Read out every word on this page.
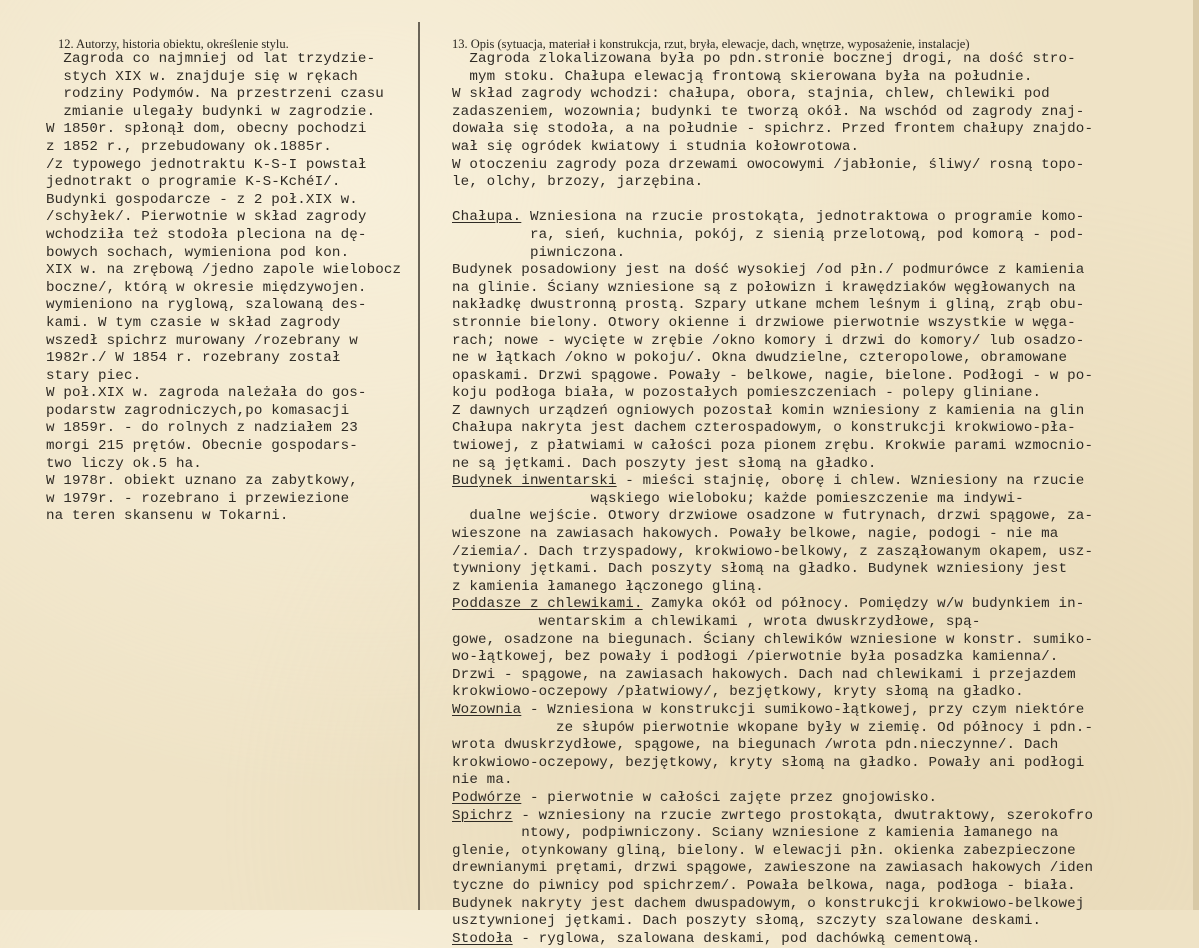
12. Autorzy, historia obiektu, określenie stylu.
Zagroda co najmniej od lat trzydzie-
stych XIX w. znajduje się w rękach
rodziny Podymów. Na przestrzeni czasu
zmianie ulegały budynki w zagrodzie.
W 1850r. spłonął dom, obecny pochodzi
z 1852 r., przebudowany ok.1885r.
/z typowego jednotraktu K-S-I powstał
jednotrakt o programie K-S-KchéI/.
Budynki gospodarcze - z 2 poł.XIX w.
/schyłek/. Pierwotnie w skład zagrody
wchodziła też stodoła pleciona na dę-
bowych sochach, wymieniona pod kon.
XIX w. na zrębową /jedno zapole wielobocz
boczne/, którą w okresie międzywojen.
wymieniono na ryglową, szalowaną des-
kami. W tym czasie w skład zagrody
wszedł spichrz murowany /rozebrany w
1982r./ W 1854 r. rozebrany został
stary piec.
W poł.XIX w. zagroda należała do gos-
podarstw zagrodniczych,po komasacji
w 1859r. - do rolnych z nadziałem 23
morgi 215 prętów. Obecnie gospodars-
two liczy ok.5 ha.
W 1978r. obiekt uznano za zabytkowy,
w 1979r. - rozebrano i przewiezione
na teren skansenu w Tokarni.
13. Opis (sytuacja, materiał i konstrukcja, rzut, bryła, elewacje, dach, wnętrze, wyposażenie, instalacje)
Zagroda zlokalizowana była po pdn.stronie bocznej drogi, na dość stro-
mym stoku. Chałupa elewacją frontową skierowana była na południe.
W skład zagrody wchodzi: chałupa, obora, stajnia, chlew, chlewiki pod
zadaszeniem, wozownia; budynki te tworzą okół. Na wschód od zagrody znaj-
dowała się stodoła, a na południe - spichrz. Przed frontem chałupy znajdo-
wał się ogródek kwiatowy i studnia kołowrotowa.
W otoczeniu zagrody poza drzewami owocowymi /jabłonie, śliwy/ rosną topo-
le, olchy, brzozy, jarzębina.
Chałupa. Wzniesiona na rzucie prostokąta, jednotraktowa o programie komo-
ra, sień, kuchnia, pokój, z sienią przelotową, pod komorą - pod-
piwniczona.
Budynek posadowiony jest na dość wysokiej /od płn./ podmurówce z kamienia
na glinie. Ściany wzniesione są z połowizn i krawędziaków węgłowanych na
nakładkę dwustronną prostą. Szpary utkane mchem leśnym i gliną, zrąb obu-
stronnie bielony. Otwory okienne i drzwiowe pierwotnie wszystkie w węga-
rach; nowe - wycięte w zrębie /okno komory i drzwi do komory/ lub osadzo-
ne w łątkach /okno w pokoju/. Okna dwudzielne, czteropolowe, obramowane
opaskami. Drzwi spągowe. Powały - belkowe, nagie, bielone. Podłogi - w po-
koju podłoga biała, w pozostałych pomieszczeniach - polepy gliniane.
Z dawnych urządzeń ogniowych pozostał komin wzniesiony z kamienia na glin
Chałupa nakryta jest dachem czterospadowym, o konstrukcji krokwiowo-pła-
twiowej, z płatwiami w całości poza pionem zrębu. Krokwie parami wzmocnio-
ne są jętkami. Dach poszyty jest słomą na gładko.
Budynek inwentarski - mieści stajnię, oborę i chlew. Wzniesiony na rzucie
wąskiego wieloboku; każde pomieszczenie ma indywi-
dualne wejście. Otwory drzwiowe osadzone w futrynach, drzwi spągowe, za-
wieszone na zawiasach hakowych. Powały belkowe, nagie, podogi - nie ma
/ziemia/. Dach trzyspadowy, krokwiowo-belkowy, z zasząłowanym okapem, usz-
tywniony jętkami. Dach poszyty słomą na gładko. Budynek wzniesiony jest
z kamienia łamanego łączonego gliną.
Poddasze z chlewikami. Zamyka okół od północy. Pomiędzy w/w budynkiem in-
wentarskim a chlewikami , wrota dwuskrzydłowe, spą-
gowe, osadzone na biegunach. Ściany chlewików wzniesione w konstr. sumiko-
wo-łątkowej, bez powały i podłogi /pierwotnie była posadzka kamienna/.
Drzwi - spągowe, na zawiasach hakowych. Dach nad chlewikami i przejazdem
krokwiowo-oczepowy /płatwiowy/, bezjętkowy, kryty słomą na gładko.
Wozownia - Wzniesiona w konstrukcji sumikowo-łątkowej, przy czym niektóre
ze słupów pierwotnie wkopane były w ziemię. Od północy i pdn.-
wrota dwuskrzydłowe, spągowe, na biegunach /wrota pdn.nieczynne/. Dach
krokwiowo-oczepowy, bezjętkowy, kryty słomą na gładko. Powały ani podłogi
nie ma.
Podwórze - pierwotnie w całości zajęte przez gnojowisko.
Spichrz - wzniesiony na rzucie zwrtego prostokąta, dwutraktowy, szerokofro
ntowy, podpiwniczony. Sciany wzniesione z kamienia łamanego na
glenie, otynkowany gliną, bielony. W elewacji płn. okienka zabezpieczone
drewnianymi prętami, drzwi spągowe, zawieszone na zawiasach hakowych /iden
tyczne do piwnicy pod spichrzem/. Powała belkowa, naga, podłoga - biała.
Budynek nakryty jest dachem dwuspadowym, o konstrukcji krokwiowo-belkowej
usztywnionej jętkami. Dach poszyty słomą, szczyty szalowane deskami.
Stodoła - ryglowa, szalowana deskami, pod dachówką cementową.
